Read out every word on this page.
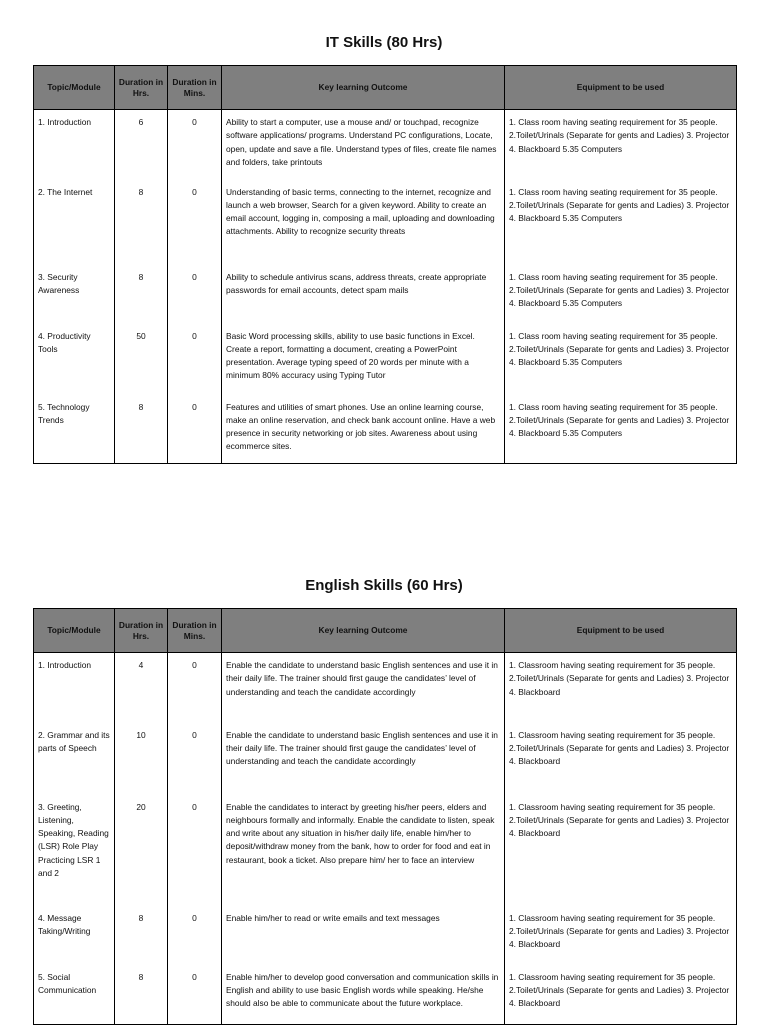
IT Skills (80 Hrs)
Topic/Module	Duration in Hrs.	Duration in Mins.	Key learning Outcome	Equipment to be used
1. Introduction	6	0	Ability to start a computer, use a mouse and/ or touchpad, recognize software applications/ programs. Understand PC configurations, Locate, open, update and save a file. Understand types of files, create file names and folders, take printouts	1. Class room having seating requirement for 35 people. 2.Toilet/Urinals (Separate for gents and Ladies) 3. Projector 4. Blackboard 5.35 Computers
2. The Internet	8	0	Understanding of basic terms, connecting to the internet, recognize and launch a web browser, Search for a given keyword. Ability to create an email account, logging in, composing a mail, uploading and downloading attachments. Ability to recognize security threats	1. Class room having seating requirement for 35 people. 2.Toilet/Urinals (Separate for gents and Ladies) 3. Projector 4. Blackboard 5.35 Computers
3. Security Awareness	8	0	Ability to schedule antivirus scans, address threats, create appropriate passwords for email accounts, detect spam mails	1. Class room having seating requirement for 35 people. 2.Toilet/Urinals (Separate for gents and Ladies) 3. Projector 4. Blackboard 5.35 Computers
4. Productivity Tools	50	0	Basic Word processing skills, ability to use basic functions in Excel. Create a report, formatting a document, creating a PowerPoint presentation. Average typing speed of 20 words per minute with a minimum 80% accuracy using Typing Tutor	1. Class room having seating requirement for 35 people. 2.Toilet/Urinals (Separate for gents and Ladies) 3. Projector 4. Blackboard 5.35 Computers
5. Technology Trends	8	0	Features and utilities of smart phones. Use an online learning course, make an online reservation, and check bank account online. Have a web presence in security networking or job sites. Awareness about using ecommerce sites.	1. Class room having seating requirement for 35 people. 2.Toilet/Urinals (Separate for gents and Ladies) 3. Projector 4. Blackboard 5.35 Computers
English Skills (60 Hrs)
Topic/Module	Duration in Hrs.	Duration in Mins.	Key learning Outcome	Equipment to be used
1. Introduction	4	0	Enable the candidate to understand basic English sentences and use it in their daily life. The trainer should first gauge the candidates’ level of understanding and teach the candidate accordingly	1. Classroom having seating requirement for 35 people. 2.Toilet/Urinals (Separate for gents and Ladies) 3. Projector 4. Blackboard
2. Grammar and its parts of Speech	10	0	Enable the candidate to understand basic English sentences and use it in their daily life. The trainer should first gauge the candidates’ level of understanding and teach the candidate accordingly	1. Classroom having seating requirement for 35 people. 2.Toilet/Urinals (Separate for gents and Ladies) 3. Projector 4. Blackboard
3. Greeting, Listening, Speaking, Reading (LSR) Role Play Practicing LSR 1 and 2	20	0	Enable the candidates to interact by greeting his/her peers, elders and neighbours formally and informally. Enable the candidate to listen, speak and write about any situation in his/her daily life, enable him/her to deposit/withdraw money from the bank, how to order for food and eat in restaurant, book a ticket. Also prepare him/ her to face an interview	1. Classroom having seating requirement for 35 people. 2.Toilet/Urinals (Separate for gents and Ladies) 3. Projector 4. Blackboard
4. Message Taking/Writing	8	0	Enable him/her to read or write emails and text messages	1. Classroom having seating requirement for 35 people. 2.Toilet/Urinals (Separate for gents and Ladies) 3. Projector 4. Blackboard
5. Social Communication	8	0	Enable him/her to develop good conversation and communication skills in English and ability to use basic English words while speaking. He/she should also be able to communicate about the future workplace.	1. Classroom having seating requirement for 35 people. 2.Toilet/Urinals (Separate for gents and Ladies) 3. Projector 4. Blackboard
